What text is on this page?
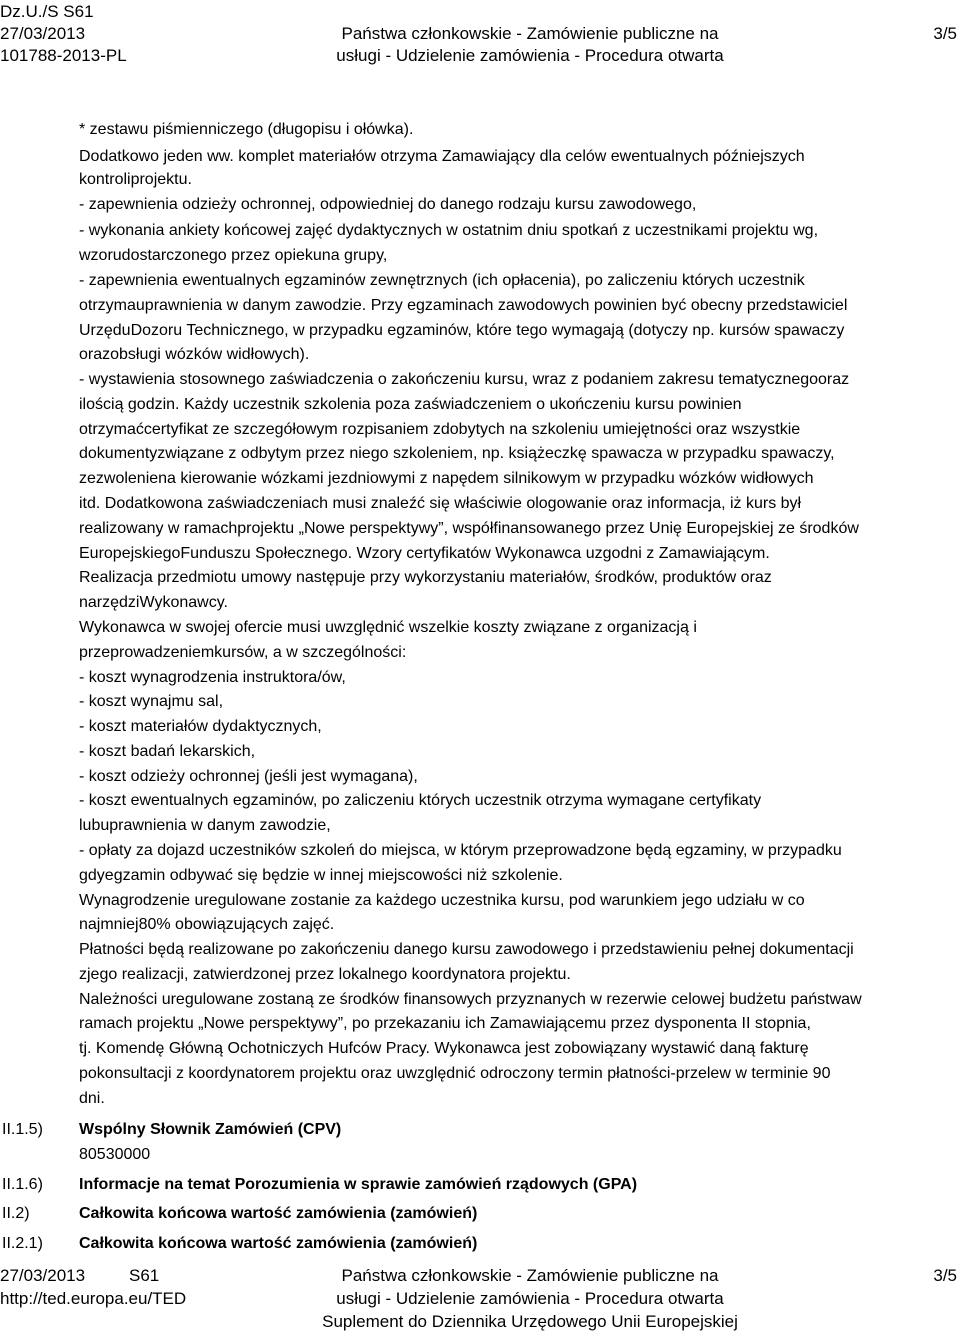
Dz.U./S S61
27/03/2013
101788-2013-PL
Państwa członkowskie - Zamówienie publiczne na
usługi - Udzielenie zamówienia - Procedura otwarta
3/5
* zestawu piśmienniczego (długopisu i ołówka).
Dodatkowo jeden ww. komplet materiałów otrzyma Zamawiający dla celów ewentualnych późniejszych
kontroliprojektu.
- zapewnienia odzieży ochronnej, odpowiedniej do danego rodzaju kursu zawodowego,
- wykonania ankiety końcowej zajęć dydaktycznych w ostatnim dniu spotkań z uczestnikami projektu wg,
wzorudostarczonego przez opiekuna grupy,
- zapewnienia ewentualnych egzaminów zewnętrznych (ich opłacenia), po zaliczeniu których uczestnik
otrzymauprawnienia w danym zawodzie. Przy egzaminach zawodowych powinien być obecny przedstawiciel
UrzęduDozoru Technicznego, w przypadku egzaminów, które tego wymagają (dotyczy np. kursów spawaczy
orazobsługi wózków widłowych).
- wystawienia stosownego zaświadczenia o zakończeniu kursu, wraz z podaniem zakresu tematycznegooraz
ilością godzin. Każdy uczestnik szkolenia poza zaświadczeniem o ukończeniu kursu powinien
otrzymaćcertyfikat ze szczegółowym rozpisaniem zdobytych na szkoleniu umiejętności oraz wszystkie
dokumentyzwiązane z odbytym przez niego szkoleniem, np. książeczkę spawacza w przypadku spawaczy,
zezwoleniena kierowanie wózkami jezdniowymi z napędem silnikowym w przypadku wózków widłowych
itd. Dodatkowona zaświadczeniach musi znaleźć się właściwie ologowanie oraz informacja, iż kurs był
realizowany w ramachprojektu „Nowe perspektywy”, współfinansowanego przez Unię Europejskiej ze środków
EuropejskiegoFunduszu Społecznego. Wzory certyfikatów Wykonawca uzgodni z Zamawiającym.
Realizacja przedmiotu umowy następuje przy wykorzystaniu materiałów, środków, produktów oraz
narzędziWykonawcy.
Wykonawca w swojej ofercie musi uwzględnić wszelkie koszty związane z organizacją i
przeprowadzeniemkursów, a w szczególności:
- koszt wynagrodzenia instruktora/ów,
- koszt wynajmu sal,
- koszt materiałów dydaktycznych,
- koszt badań lekarskich,
- koszt odzieży ochronnej (jeśli jest wymagana),
- koszt ewentualnych egzaminów, po zaliczeniu których uczestnik otrzyma wymagane certyfikaty
lubuprawnienia w danym zawodzie,
- opłaty za dojazd uczestników szkoleń do miejsca, w którym przeprowadzone będą egzaminy, w przypadku
gdyegzamin odbywać się będzie w innej miejscowości niż szkolenie.
Wynagrodzenie uregulowane zostanie za każdego uczestnika kursu, pod warunkiem jego udziału w co
najmniej80% obowiązujących zajęć.
Płatności będą realizowane po zakończeniu danego kursu zawodowego i przedstawieniu pełnej dokumentacji
zjego realizacji, zatwierdzonej przez lokalnego koordynatora projektu.
Należności uregulowane zostaną ze środków finansowych przyznanych w rezerwie celowej budżetu państwaw
ramach projektu „Nowe perspektywy”, po przekazaniu ich Zamawiającemu przez dysponenta II stopnia,
tj. Komendę Główną Ochotniczych Hufców Pracy. Wykonawca jest zobowiązany wystawić daną fakturę
pokonsultacji z koordynatorem projektu oraz uwzględnić odroczony termin płatności-przelew w terminie 90
dni.
II.1.5) Wspólny Słownik Zamówień (CPV)
80530000
II.1.6) Informacje na temat Porozumienia w sprawie zamówień rządowych (GPA)
II.2)	Całkowita końcowa wartość zamówienia (zamówień)
II.2.1) Całkowita końcowa wartość zamówienia (zamówień)
27/03/2013	S61
http://ted.europa.eu/TED
Państwa członkowskie - Zamówienie publiczne na
usługi - Udzielenie zamówienia - Procedura otwarta
Suplement do Dziennika Urzędowego Unii Europejskiej
3/5
